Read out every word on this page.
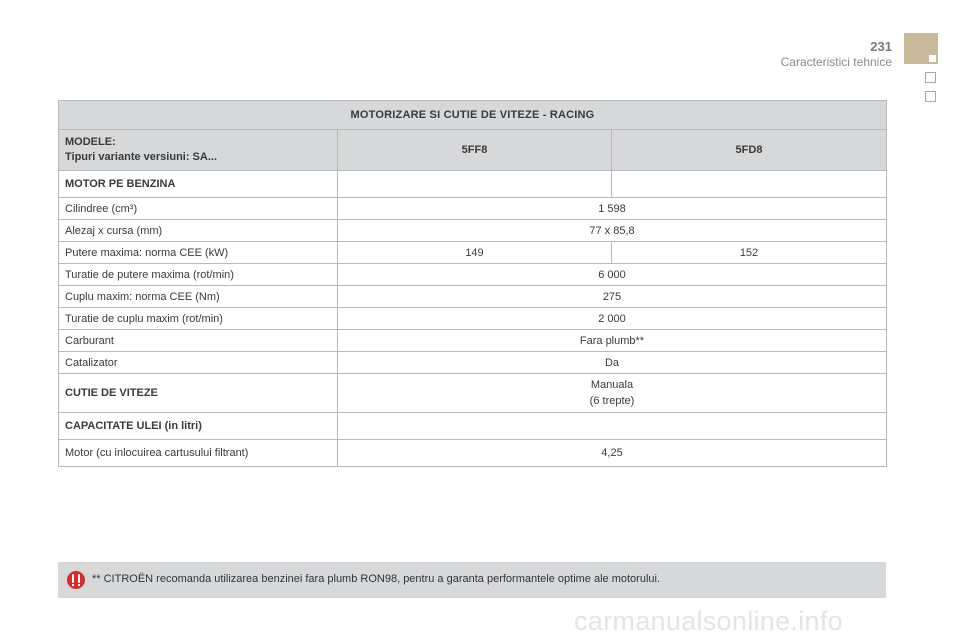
231
Caracteristici tehnice
MOTORIZARE SI CUTIE DE VITEZE - RACING		
MODELE:
Tipuri variante versiuni: SA...	5FF8	5FD8
MOTOR PE BENZINA		
Cilindree (cm³)	1 598	
Alezaj x cursa (mm)	77 x 85,8	
Putere maxima: norma CEE (kW)	149	152
Turatie de putere maxima (rot/min)	6 000	
Cuplu maxim: norma CEE (Nm)	275	
Turatie de cuplu maxim (rot/min)	2 000	
Carburant	Fara plumb**	
Catalizator	Da	
CUTIE DE VITEZE	Manuala
(6 trepte)	
CAPACITATE ULEI (in litri)		
Motor (cu inlocuirea cartusului filtrant)	4,25	
** CITROËN recomanda utilizarea benzinei fara plumb RON98, pentru a garanta performantele optime ale motorului.
carmanualsonline.info
